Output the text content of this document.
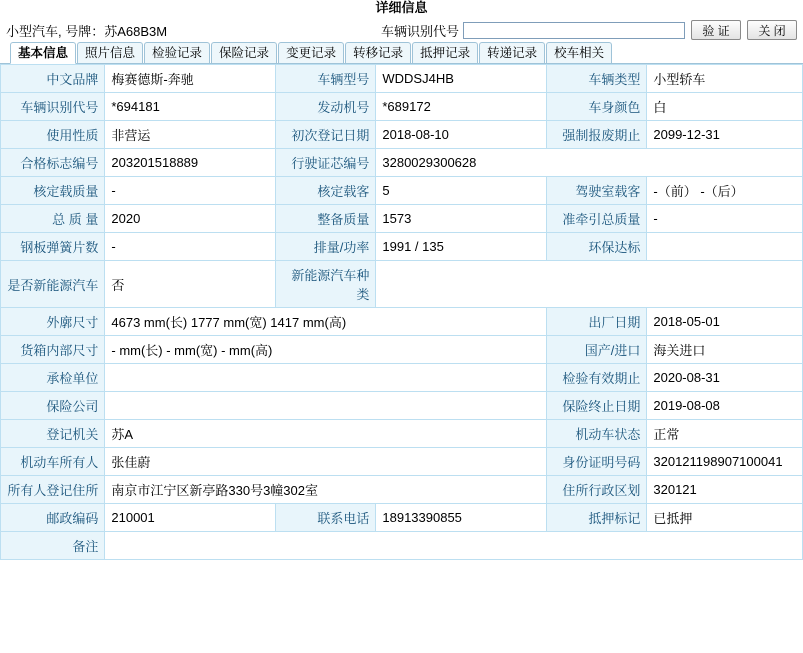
详细信息
小型汽车, 号牌：苏A68B3M	车辆识别代号	验 证	关 闭
基本信息	照片信息	检验记录	保险记录	变更记录	转移记录	抵押记录	转递记录	校车相关
中文品牌	梅赛德斯-奔驰	车辆型号	WDDSJ4HB	车辆类型	小型轿车
车辆识别代号	*694181	发动机号	*689172	车身颜色	白
使用性质	非营运	初次登记日期	2018-08-10	强制报废期止	2099-12-31
合格标志编号	203201518889	行驶证芯编号	3280029300628		
核定载质量	-	核定载客	5	驾驶室载客	-（前） -（后）
总 质 量	2020	整备质量	1573	准牵引总质量	-
钢板弹簧片数	-	排量/功率	1991 / 135	环保达标	
是否新能源汽车	否	新能源汽车种类			
外廓尺寸	4673 mm(长) 1777 mm(宽) 1417 mm(高)			出厂日期	2018-05-01
货箱内部尺寸	- mm(长) - mm(宽) - mm(高)			国产/进口	海关进口
承检单位				检验有效期止	2020-08-31
保险公司				保险终止日期	2019-08-08
登记机关	苏A			机动车状态	正常
机动车所有人	张佳蔚			身份证明号码	320121198907100041
所有人登记住所	南京市江宁区新亭路330号3幢302室			住所行政区划	320121
邮政编码	210001	联系电话	18913390855	抵押标记	已抵押
备注					
